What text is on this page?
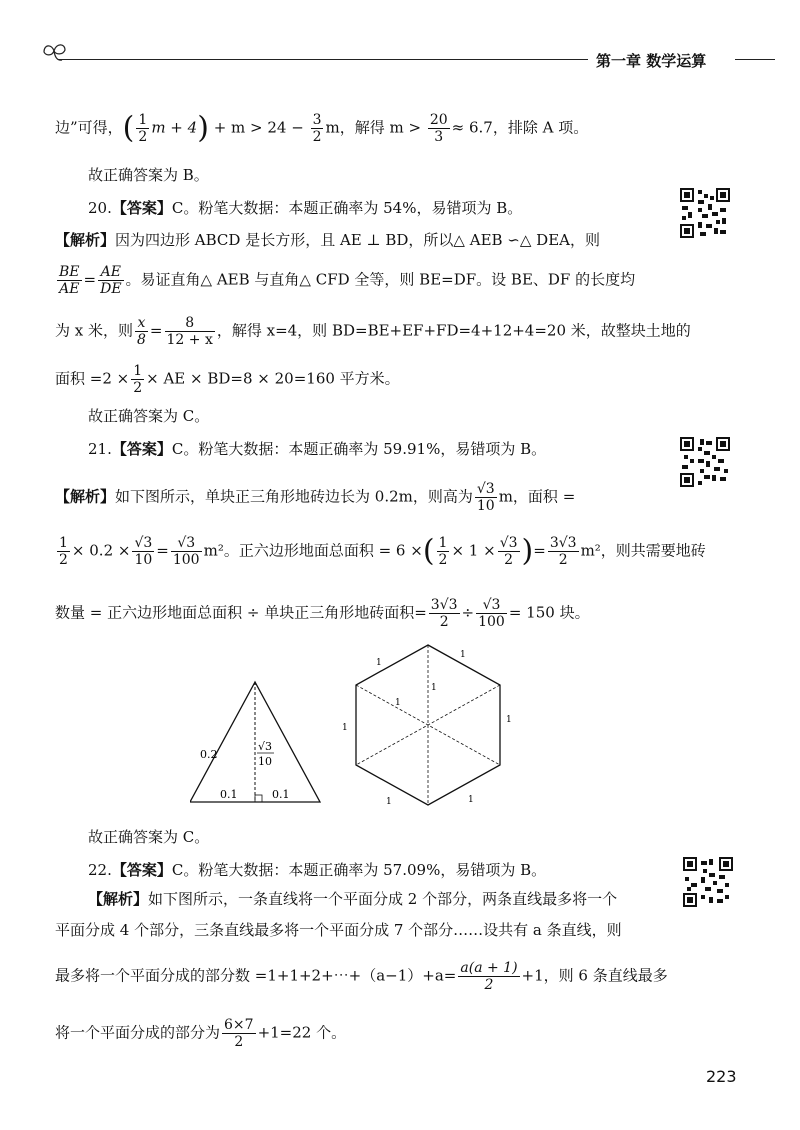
第一章 数学运算
边”可得，( $\frac{1}{2}$ $m + 4) + m > 24 - \frac{3}{2}$ m，解得 $m > \frac{20}{3} \approx 6.7$，排除 A 项。
故正确答案为 B。
20.【答案】C。粉笔大数据：本题正确率为 54%，易错项为 B。
【解析】因为四边形 ABCD 是长方形，且 AE ⊥ BD，所以△ AEB ∽△ DEA，则
$\frac{BE}{AE} = \frac{AE}{DE}$ 。易证直角△ AEB 与直角△ CFD 全等，则 BE=DF。设 BE、DF 的长度均
为 x 米，则 $\frac{x}{8} = \frac{8}{12 + x}$ ，解得 x=4，则 BD=BE+EF+FD=4+12+4=20 米，故整块土地的
面积 $=2 \times \frac{1}{2}$ × AE × BD=8 × 20=160 平方米。
故正确答案为 C。
21.【答案】C。粉笔大数据：本题正确率为 59.91%，易错项为 B。
【解析】如下图所示，单块正三角形地砖边长为 0.2m，则高为 $\frac{√3}{10}$ m，面积 =
$\frac{1}{2} \times 0.2 \times \frac{√3}{10} = \frac{√3}{100} m^2$。正六边形地面总面积 = 6 ×( $\frac{1}{2} \times 1 \times \frac{√3}{2}$ )= $\frac{3√3}{2} m^2$，则共需要地砖
数量 = 正六边形地面总面积 ÷ 单块正三角形地砖面积= $\frac{3√3}{2} \div \frac{√3}{100} = 150$ 块。
0.2
√3
10
0.1	0.1
1
1
1
1
1	1
1
1
故正确答案为 C。
22.【答案】C。粉笔大数据：本题正确率为 57.09%，易错项为 B。
【解析】如下图所示，一条直线将一个平面分成 2 个部分，两条直线最多将一个
平面分成 4 个部分，三条直线最多将一个平面分成 7 个部分……设共有 a 条直线，则
最多将一个平面分成的部分数 =1+1+2+⋯+（a−1）+a= $\frac{a(a + 1)}{2} +1$，则 6 条直线最多
将一个平面分成的部分为 $\frac{6\times 7}{2} +1=22$ 个。
223
